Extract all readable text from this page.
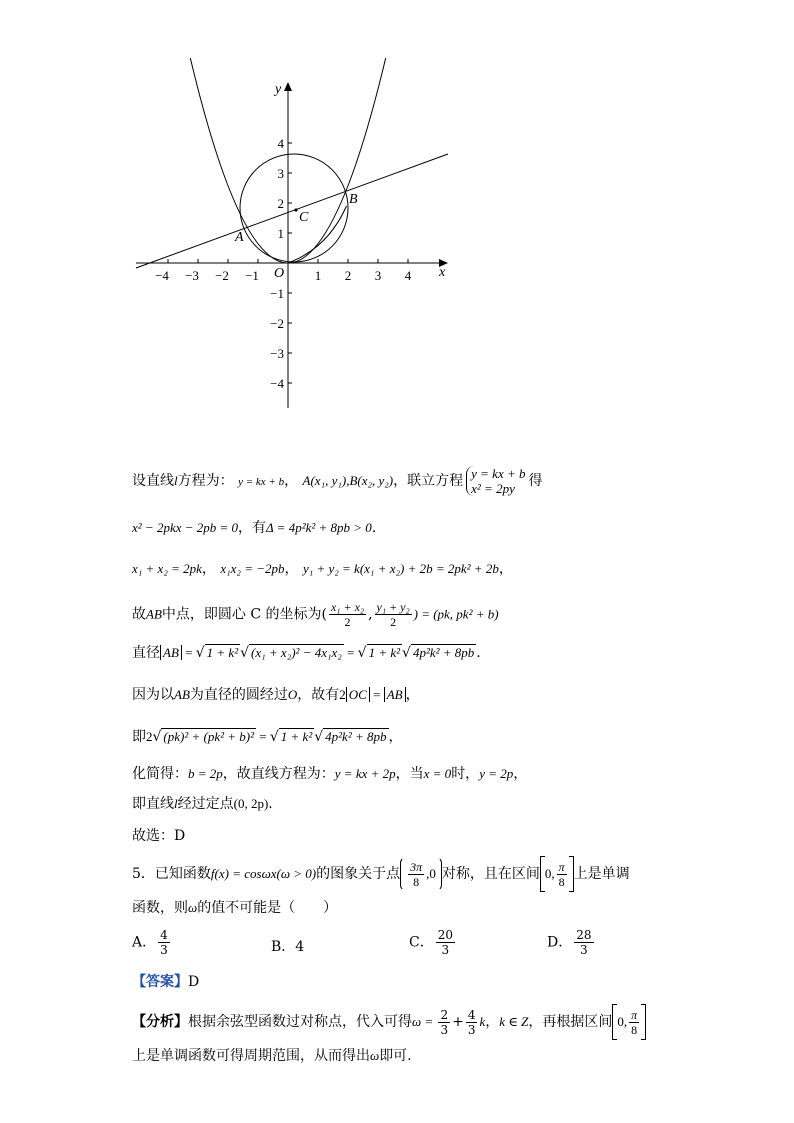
x
y
O
A
B
C
−4 −3 −2 −1	1 2 3 4
1
2
3
4
−1
−2
−3
−4
设直线l方程为： y = kx + b， A(x₁, y₁),B(x₂, y₂)，联立方程 y = kx + b
x² = 2py 得
x² − 2pkx − 2pb = 0，有Δ = 4p²k² + 8pb > 0.
x₁ + x₂ = 2pk， x₁x₂ = −2pb， y₁ + y₂ = k(x₁ + x₂) + 2b = 2pk² + 2b，
故AB中点，即圆心 C 的坐标为( $\frac{\text{x₁ + x₂}}{2}$ , $\frac{\text{y₁ + y₂}}{2}$ ) = (pk, pk² + b)
直径 AB = √ 1 + k² √ (x₁ + x₂)² − 4x₁x₂ = √ 1 + k² √ 4p²k² + 8pb .
因为以AB为直径的圆经过O，故有2 OC = AB ，
即2√ (pk)² + (pk² + b)² = √ 1 + k² √ 4p²k² + 8pb ，
化简得：b = 2p，故直线方程为：y = kx + 2p，当x = 0时，y = 2p，
即直线l经过定点(0, 2p).
故选：D
5．已知函数f(x) = cosωx(ω > 0)的图象关于点 $\frac{3\pi}{8} ,0$ 对称，且在区间 0, $\frac{\pi}{8}$ 上是单调
函数，则ω的值不可能是（　　）
A． $\frac{4}{3}$	B．4	C． $\frac{20}{3}$	D． $\frac{28}{3}$
【答案】D
【分析】根据余弦型函数过对称点，代入可得$\omega = \frac{2}{3} + \frac{4}{3}$ k，k ∈ Z，再根据区间 0, $\frac{\pi}{8}$
上是单调函数可得周期范围，从而得出ω即可.
